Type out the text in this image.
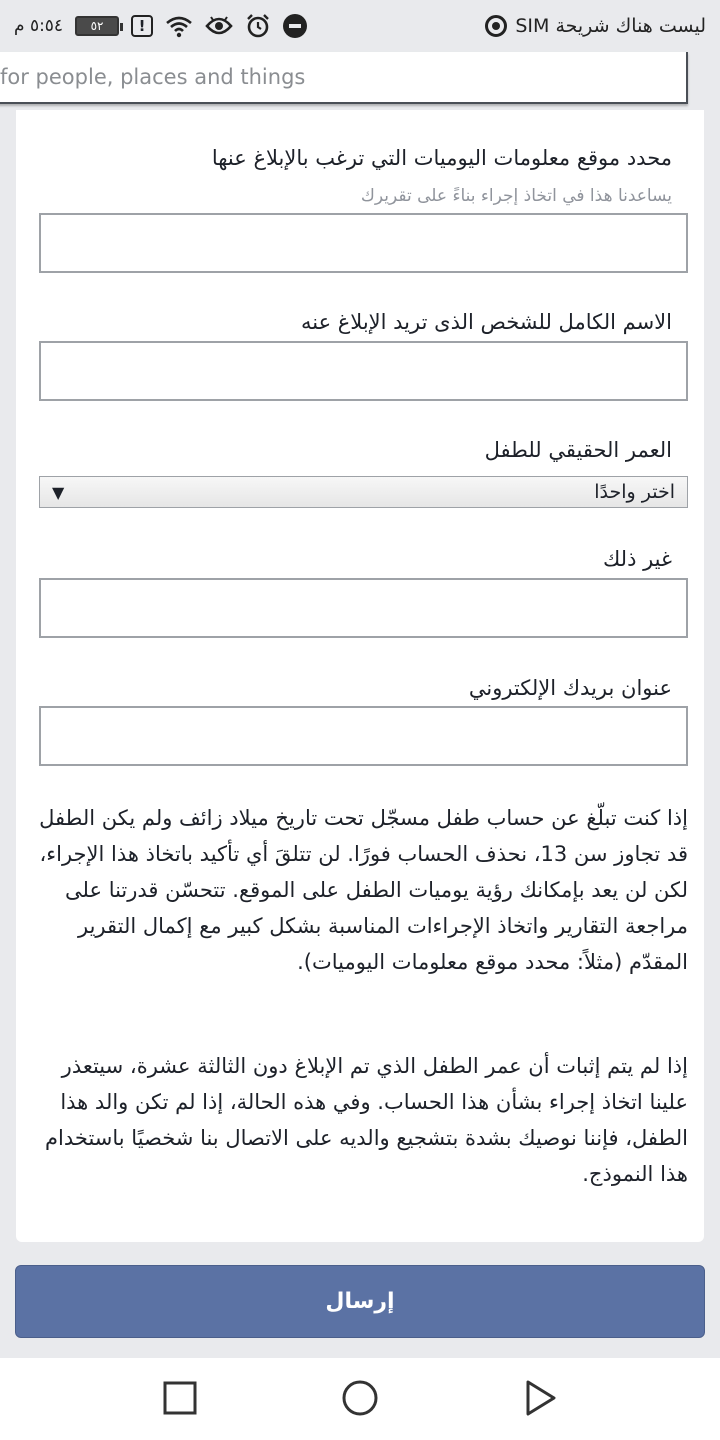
٥:٥٤ م	٥٢	!	ليست هناك شريحة SIM
for people, places and things
محدد موقع معلومات اليوميات التي ترغب بالإبلاغ عنها
يساعدنا هذا في اتخاذ إجراء بناءً على تقريرك
الاسم الكامل للشخص الذى تريد الإبلاغ عنه
العمر الحقيقي للطفل
اختر واحدًا
▼
غير ذلك
عنوان بريدك الإلكتروني
إذا كنت تبلّغ عن حساب طفل مسجّل تحت تاريخ ميلاد زائف ولم يكن الطفل قد تجاوز سن 13، نحذف الحساب فورًا. لن تتلقَ أي تأكيد باتخاذ هذا الإجراء، لكن لن يعد بإمكانك رؤية يوميات الطفل على الموقع. تتحسّن قدرتنا على مراجعة التقارير واتخاذ الإجراءات المناسبة بشكل كبير مع إكمال التقرير المقدّم (مثلاً: محدد موقع معلومات اليوميات).
إذا لم يتم إثبات أن عمر الطفل الذي تم الإبلاغ دون الثالثة عشرة، سيتعذر علينا اتخاذ إجراء بشأن هذا الحساب. وفي هذه الحالة، إذا لم تكن والد هذا الطفل، فإننا نوصيك بشدة بتشجيع والديه على الاتصال بنا شخصيًا باستخدام هذا النموذج.
إرسال
